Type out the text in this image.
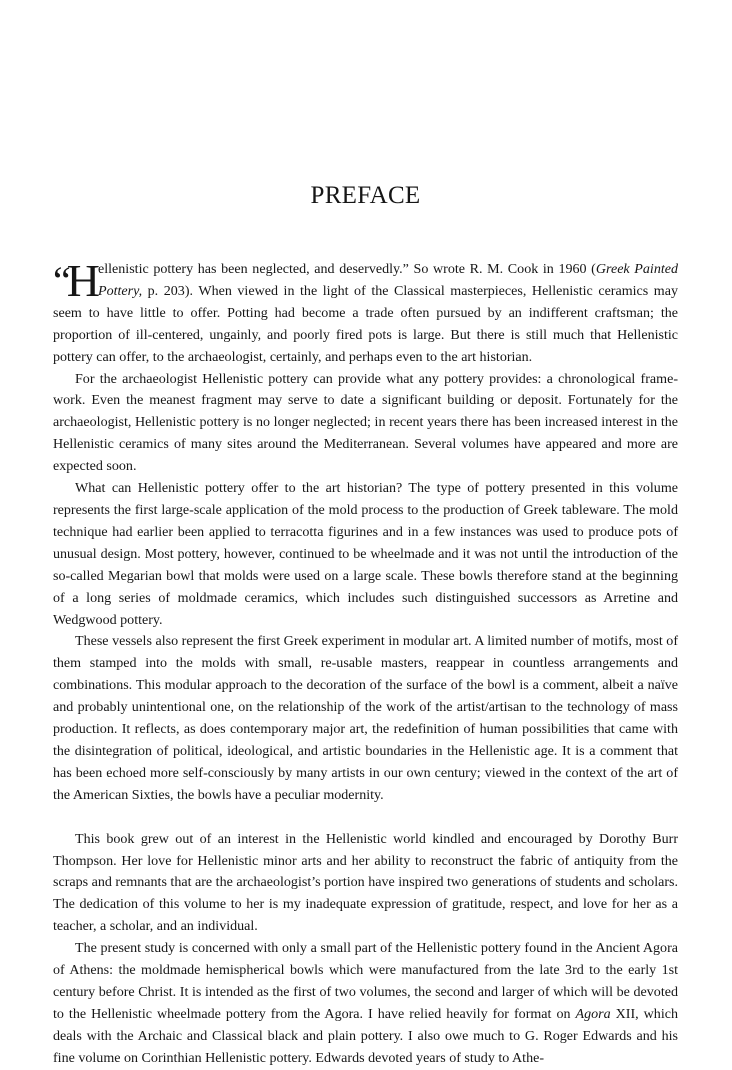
PREFACE

“H ellenistic pottery has been neglected, and deservedly.” So wrote R. M. Cook in 1960 (Greek Painted Pottery, p. 203). When viewed in the light of the Classical masterpieces, Hellenistic ceramics may seem to have little to offer. Potting had become a trade often pursued by an indifferent craftsman; the proportion of ill-centered, ungainly, and poorly fired pots is large. But there is still much that Hellenistic pottery can offer, to the archaeologist, certainly, and perhaps even to the art historian.

For the archaeologist Hellenistic pottery can provide what any pottery provides: a chronological framework. Even the meanest fragment may serve to date a significant building or deposit. Fortunately for the archaeologist, Hellenistic pottery is no longer neglected; in recent years there has been increased interest in the Hellenistic ceramics of many sites around the Mediterranean. Several volumes have appeared and more are expected soon.

What can Hellenistic pottery offer to the art historian? The type of pottery presented in this volume represents the first large-scale application of the mold process to the production of Greek tableware. The mold technique had earlier been applied to terracotta figurines and in a few instances was used to produce pots of unusual design. Most pottery, however, continued to be wheelmade and it was not until the introduction of the so-called Megarian bowl that molds were used on a large scale. These bowls therefore stand at the beginning of a long series of moldmade ceramics, which includes such distinguished successors as Arretine and Wedgwood pottery.

These vessels also represent the first Greek experiment in modular art. A limited number of motifs, most of them stamped into the molds with small, re-usable masters, reappear in countless arrangements and combinations. This modular approach to the decoration of the surface of the bowl is a comment, albeit a naïve and probably unintentional one, on the relationship of the work of the artist/artisan to the technology of mass production. It reflects, as does contemporary major art, the redefinition of human possibilities that came with the disintegration of political, ideological, and artistic boundaries in the Hellenistic age. It is a comment that has been echoed more self-consciously by many artists in our own century; viewed in the context of the art of the American Sixties, the bowls have a peculiar modernity.

This book grew out of an interest in the Hellenistic world kindled and encouraged by Dorothy Burr Thompson. Her love for Hellenistic minor arts and her ability to reconstruct the fabric of antiquity from the scraps and remnants that are the archaeologist’s portion have inspired two generations of students and scholars. The dedication of this volume to her is my inadequate expression of gratitude, respect, and love for her as a teacher, a scholar, and an individual.

The present study is concerned with only a small part of the Hellenistic pottery found in the Ancient Agora of Athens: the moldmade hemispherical bowls which were manufactured from the late 3rd to the early 1st century before Christ. It is intended as the first of two volumes, the second and larger of which will be devoted to the Hellenistic wheelmade pottery from the Agora. I have relied heavily for format on Agora XII, which deals with the Archaic and Classical black and plain pottery. I also owe much to G. Roger Edwards and his fine volume on Corinthian Hellenistic pottery. Edwards devoted years of study to Athe-
